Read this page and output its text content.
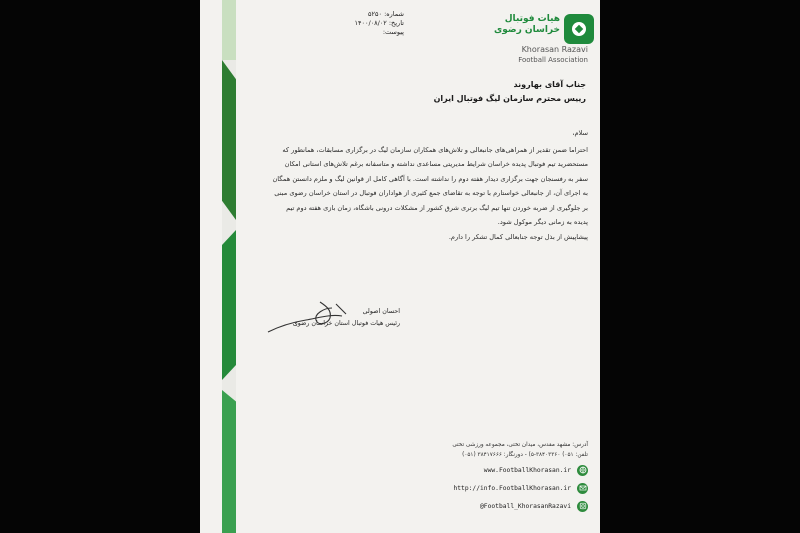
شماره: ۵۲۵۰
تاریخ: ۱۴۰۰/۰۸/۰۲
پیوست:
هیات فوتبال
خراسان رضوی
Khorasan Razavi
Football Association
جناب آقای بهاروند
رییس محترم سازمان لیگ فوتبال ایران

سلام،

احتراما ضمن تقدیر از همراهی‌های جانبعالی و تلاش‌های همکاران سازمان لیگ در برگزاری مسابقات، همانطور که مستحضرید تیم فوتبال پدیده خراسان شرایط مدیریتی مساعدی نداشته و متاسفانه برغم تلاش‌های استانی امکان سفر به رفسنجان جهت برگزاری دیدار هفته دوم را نداشته است. با آگاهی کامل از قوانین لیگ و ملزم دانستن همگان به اجرای آن، از جانبعالی خواستارم با توجه به تقاضای جمع کثیری از هواداران فوتبال در استان خراسان رضوی مبنی بر جلوگیری از ضربه خوردن تنها تیم لیگ برتری شرق کشور از مشکلات درونی باشگاه، زمان بازی هفته دوم تیم پدیده به زمانی دیگر موکول شود.

پیشاپیش از بذل توجه جنابعالی کمال تشکر را دارم.

احسان اصولی
رئیس هیات فوتبال استان خراسان رضوی
آدرس: مشهد مقدس، میدان تختی، مجموعه ورزشی تختی
تلفن: ۰۵۱) ۳۸۴۰۳۳۶۰-۵) - دورنگار: ۳۸۴۱۷۶۶۶ (۰۵۱)
www.FootballKhorasan.ir
http://info.FootballKhorasan.ir
@Football_KhorasanRazavi
